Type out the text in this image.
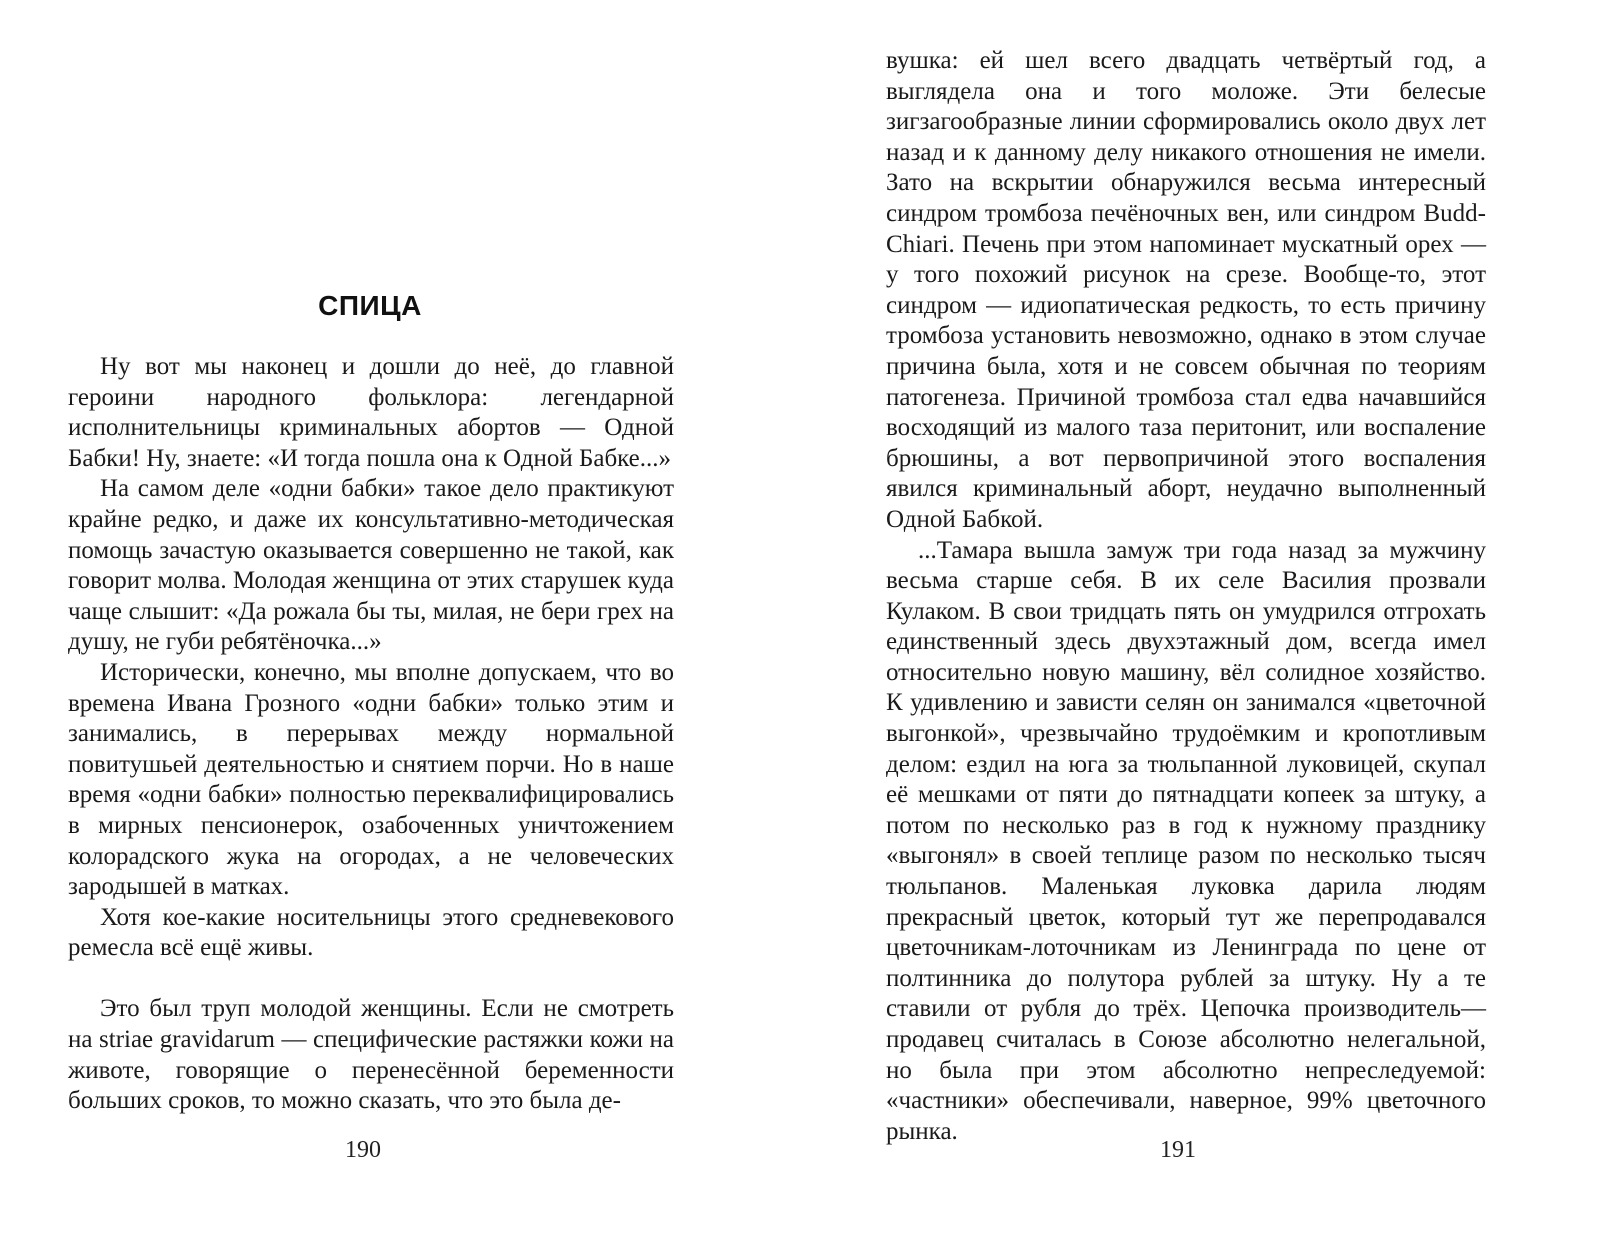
СПИЦА

Ну вот мы наконец и дошли до неё, до главной героини народного фольклора: легендарной исполнительницы криминальных абортов — Одной Бабки! Ну, знаете: «И тогда пошла она к Одной Бабке...»

На самом деле «одни бабки» такое дело практикуют крайне редко, и даже их консультативно-методическая помощь зачастую оказывается совершенно не такой, как говорит молва. Молодая женщина от этих старушек куда чаще слышит: «Да рожала бы ты, милая, не бери грех на душу, не губи ребятёночка...»

Исторически, конечно, мы вполне допускаем, что во времена Ивана Грозного «одни бабки» только этим и занимались, в перерывах между нормальной повитушьей деятельностью и снятием порчи. Но в наше время «одни бабки» полностью переквалифицировались в мирных пенсионерок, озабоченных уничтожением колорадского жука на огородах, а не человеческих зародышей в матках.

Хотя кое-какие носительницы этого средневекового ремесла всё ещё живы.

Это был труп молодой женщины. Если не смотреть на striae gravidarum — специфические растяжки кожи на животе, говорящие о перенесённой беременности больших сроков, то можно сказать, что это была де-

190

вушка: ей шел всего двадцать четвёртый год, а выглядела она и того моложе. Эти белесые зигзагообразные линии сформировались около двух лет назад и к данному делу никакого отношения не имели. Зато на вскрытии обнаружился весьма интересный синдром тромбоза печёночных вен, или синдром Budd-Chiari. Печень при этом напоминает мускатный орех — у того похожий рисунок на срезе. Вообще-то, этот синдром — идиопатическая редкость, то есть причину тромбоза установить невозможно, однако в этом случае причина была, хотя и не совсем обычная по теориям патогенеза. Причиной тромбоза стал едва начавшийся восходящий из малого таза перитонит, или воспаление брюшины, а вот первопричиной этого воспаления явился криминальный аборт, неудачно выполненный Одной Бабкой.

...Тамара вышла замуж три года назад за мужчину весьма старше себя. В их селе Василия прозвали Кулаком. В свои тридцать пять он умудрился отгрохать единственный здесь двухэтажный дом, всегда имел относительно новую машину, вёл солидное хозяйство. К удивлению и зависти селян он занимался «цветочной выгонкой», чрезвычайно трудоёмким и кропотливым делом: ездил на юга за тюльпанной луковицей, скупал её мешками от пяти до пятнадцати копеек за штуку, а потом по несколько раз в год к нужному празднику «выгонял» в своей теплице разом по несколько тысяч тюльпанов. Маленькая луковка дарила людям прекрасный цветок, который тут же перепродавался цветочникам-лоточникам из Ленинграда по цене от полтинника до полутора рублей за штуку. Ну а те ставили от рубля до трёх. Цепочка производитель—продавец считалась в Союзе абсолютно нелегальной, но была при этом абсолютно непреследуемой: «частники» обеспечивали, наверное, 99% цветочного рынка.

191
